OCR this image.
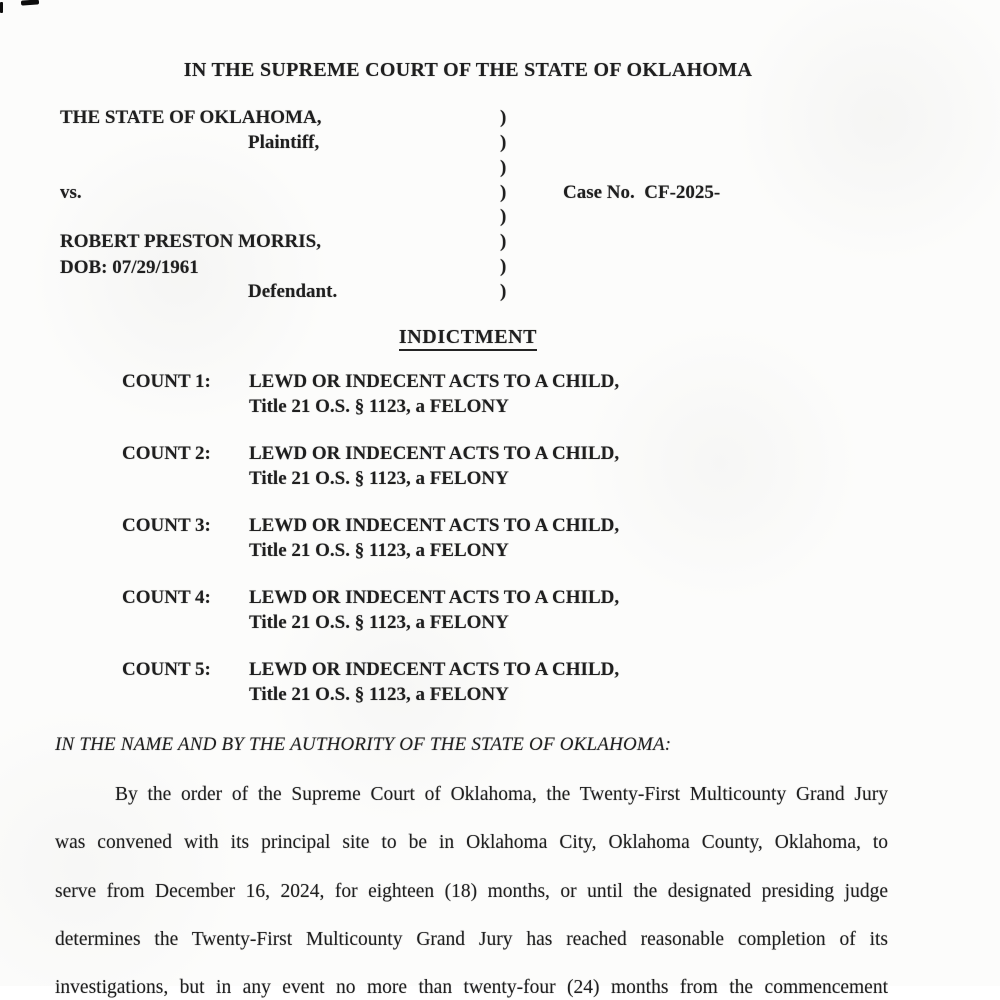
IN THE SUPREME COURT OF THE STATE OF OKLAHOMA
THE STATE OF OKLAHOMA,
Plaintiff,
vs.	Case No.  CF-2025-
ROBERT PRESTON MORRIS,
DOB: 07/29/1961
Defendant.
)
)
)
)
)
)
)
)
INDICTMENT
COUNT 1: LEWD OR INDECENT ACTS TO A CHILD,
Title 21 O.S. § 1123, a FELONY
COUNT 2: LEWD OR INDECENT ACTS TO A CHILD,
Title 21 O.S. § 1123, a FELONY
COUNT 3: LEWD OR INDECENT ACTS TO A CHILD,
Title 21 O.S. § 1123, a FELONY
COUNT 4: LEWD OR INDECENT ACTS TO A CHILD,
Title 21 O.S. § 1123, a FELONY
COUNT 5: LEWD OR INDECENT ACTS TO A CHILD,
Title 21 O.S. § 1123, a FELONY
IN THE NAME AND BY THE AUTHORITY OF THE STATE OF OKLAHOMA:
By the order of the Supreme Court of Oklahoma, the Twenty-First Multicounty Grand Jury
was convened with its principal site to be in Oklahoma City, Oklahoma County, Oklahoma, to
serve from December 16, 2024, for eighteen (18) months, or until the designated presiding judge
determines the Twenty-First Multicounty Grand Jury has reached reasonable completion of its
investigations, but in any event no more than twenty-four (24) months from the commencement
